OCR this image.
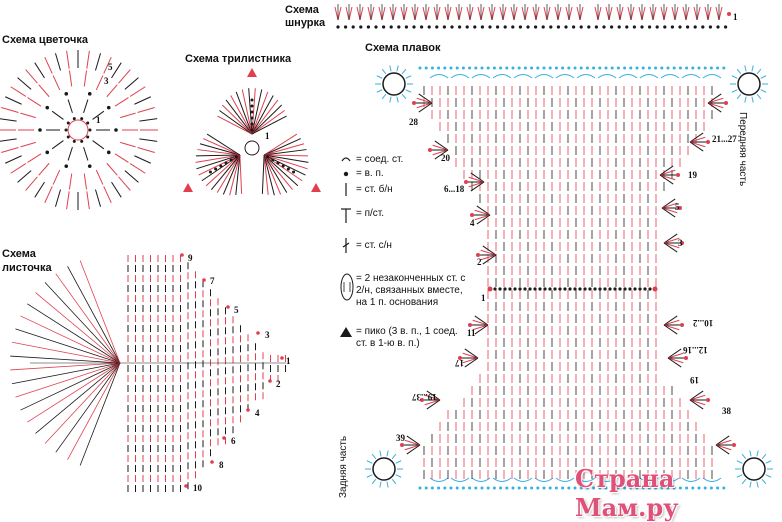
Схема
шнурка
Схема цветочка
Схема трилистника
Схема
листочка
Схема плавок
1
5
3
1
1
9
7
5
3
1
2
4
6
8
10
= соед. ст.
= в. п.
= ст. б/н
= п/ст.
= ст. с/н
= 2 незаконченных ст. с 2/н, связанных вместе, на 1 п. основания
= пико (3 в. п., 1 соед. ст. в 1-ю в. п.)
28
20
6...18
4
2
1
11
21...27
19
5
3
10...2
12...16
17
19...37
19
38
39
Передняя часть
Задняя часть	Страна Мам.ру
